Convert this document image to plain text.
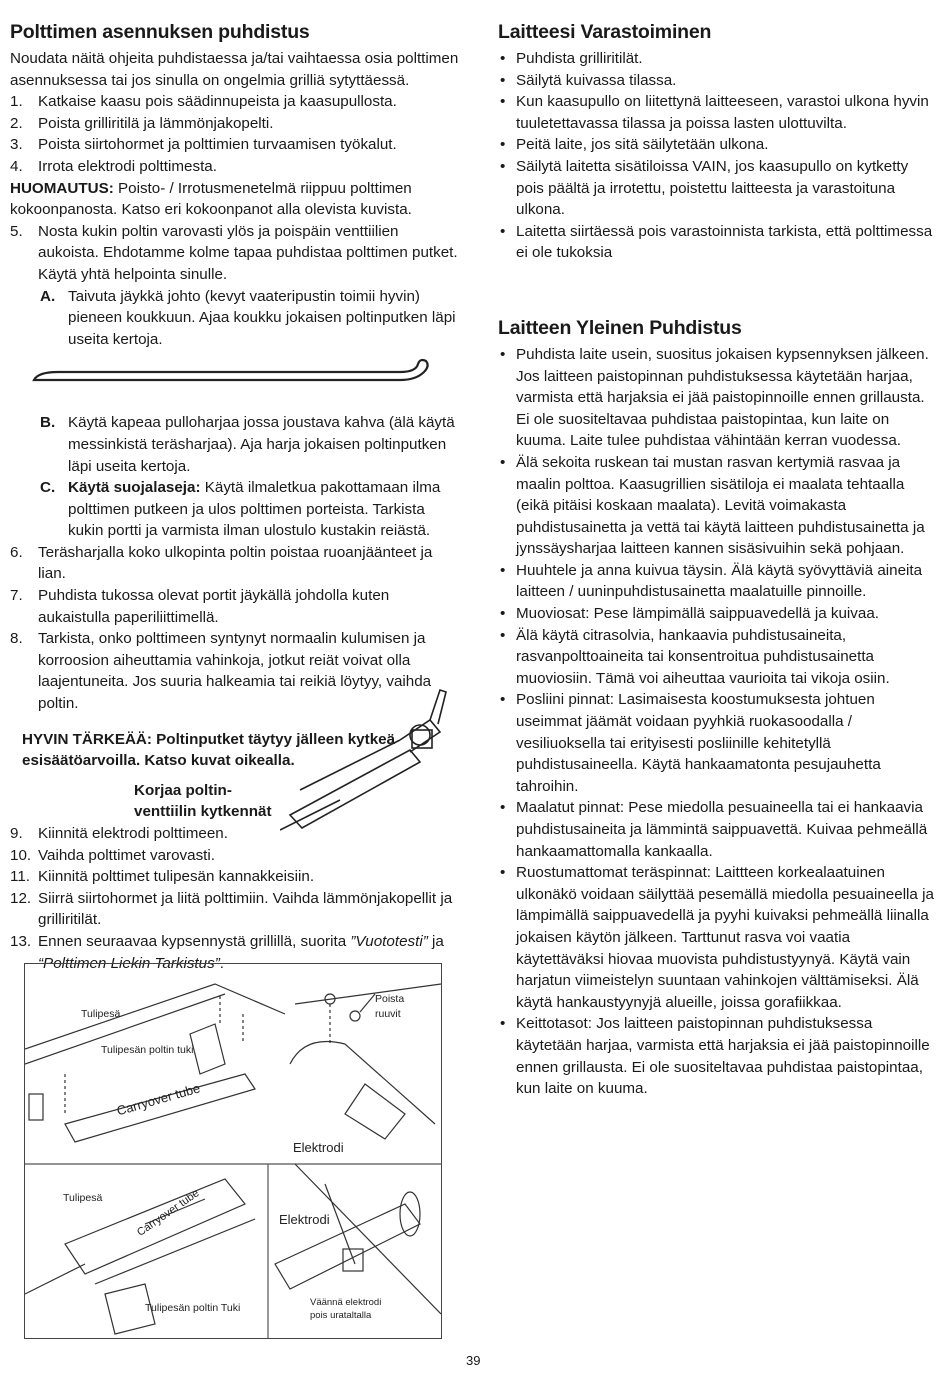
Polttimen asennuksen puhdistus

Noudata näitä ohjeita puhdistaessa ja/tai vaihtaessa osia polttimen asennuksessa tai jos sinulla on ongelmia grilliä sytyttäessä.

1.	Katkaise kaasu pois säädinnupeista ja kaasupullosta.
2.	Poista grilliritilä ja lämmönjakopelti.
3.	Poista siirtohormet ja polttimien turvaamisen työkalut.
4.	Irrota elektrodi polttimesta.

HUOMAUTUS: Poisto- / Irrotusmenetelmä riippuu polttimen kokoonpanosta. Katso eri kokoonpanot alla olevista kuvista.

5.	Nosta kukin poltin varovasti ylös ja poispäin venttiilien aukoista. Ehdotamme kolme tapaa puhdistaa polttimen putket. Käytä yhtä helpointa sinulle.
A. Taivuta jäykkä johto (kevyt vaateripustin toimii hyvin) pieneen koukkuun. Ajaa koukku jokaisen poltinputken läpi useita kertoja.
B. Käytä kapeaa pulloharjaa jossa joustava kahva (älä käytä messinkistä teräsharjaa). Aja harja jokaisen poltinputken läpi useita kertoja.
C. Käytä suojalaseja: Käytä ilmaletkua pakottamaan ilma polttimen putkeen ja ulos polttimen porteista. Tarkista kukin portti ja varmista ilman ulostulo kustakin reiästä.
6.	Teräsharjalla koko ulkopinta poltin poistaa ruoanjäänteet ja lian.
7.	Puhdista tukossa olevat portit jäykällä johdolla kuten aukaistulla paperiliittimellä.
8.	Tarkista, onko polttimeen syntynyt normaalin kulumisen ja korroosion aiheuttamia vahinkoja, jotkut reiät voivat olla laajentuneita. Jos suuria halkeamia tai reikiä löytyy, vaihda poltin.

HYVIN TÄRKEÄÄ: Poltinputket täytyy jälleen kytkeä esisäätöarvoilla. Katso kuvat oikealla.

Korjaa poltin-venttiilin kytkennät

9.	Kiinnitä elektrodi polttimeen.
10. Vaihda polttimet varovasti.
11. Kiinnitä polttimet tulipesän kannakkeisiin.
12. Siirrä siirtohormet ja liitä polttimiin. Vaihda lämmönjakopellit ja grilliritilät.
13. Ennen seuraavaa kypsennystä grillillä, suorita ”Vuototesti” ja “Polttimen Liekin Tarkistus”.
Tulipesä
Tulipesän poltin tuki
Carryover tube
Poista ruuvit
Elektrodi
Tulipesä	Carryover tube
Tulipesän poltin Tuki
Elektrodi
Väännä elektrodi pois urataltalla
Laitteesi Varastoiminen
• Puhdista grilliritilät.
• Säilytä kuivassa tilassa.
• Kun kaasupullo on liitettynä laitteeseen, varastoi ulkona hyvin tuuletettavassa tilassa ja poissa lasten ulottuvilta.
• Peitä laite, jos sitä säilytetään ulkona.
• Säilytä laitetta sisätiloissa VAIN, jos kaasupullo on kytketty pois päältä ja irrotettu, poistettu laitteesta ja varastoituna ulkona.
• Laitetta siirtäessä pois varastoinnista tarkista, että polttimessa ei ole tukoksia
Laitteen Yleinen Puhdistus
• Puhdista laite usein, suositus jokaisen kypsennyksen jälkeen. Jos laitteen paistopinnan puhdistuksessa käytetään harjaa, varmista että harjaksia ei jää paistopinnoille ennen grillausta. Ei ole suositeltavaa puhdistaa paistopintaa, kun laite on kuuma. Laite tulee puhdistaa vähintään kerran vuodessa.
• Älä sekoita ruskean tai mustan rasvan kertymiä rasvaa ja maalin polttoa. Kaasugrillien sisätiloja ei maalata tehtaalla (eikä pitäisi koskaan maalata). Levitä voimakasta puhdistusainetta ja vettä tai käytä laitteen puhdistusainetta ja jynssäysharjaa laitteen kannen sisäsivuihin sekä pohjaan.
• Huuhtele ja anna kuivua täysin. Älä käytä syövyttäviä aineita laitteen / uuninpuhdistusainetta maalatuille pinnoille.
• Muoviosat: Pese lämpimällä saippuavedellä ja kuivaa.
• Älä käytä citrasolvia, hankaavia puhdistusaineita, rasvanpolttoaineita tai konsentroitua puhdistusainetta muoviosiin. Tämä voi aiheuttaa vaurioita tai vikoja osiin.
• Posliini pinnat: Lasimaisesta koostumuksesta johtuen useimmat jäämät voidaan pyyhkiä ruokasoodalla / vesiliuoksella tai erityisesti posliinille kehitetyllä puhdistusaineella. Käytä hankaamatonta pesujauhetta tahroihin.
• Maalatut pinnat: Pese miedolla pesuaineella tai ei hankaavia puhdistusaineita ja lämmintä saippuavettä. Kuivaa pehmeällä hankaamattomalla kankaalla.
• Ruostumattomat teräspinnat: Laittteen korkealaatuinen ulkonäkö voidaan säilyttää pesemällä miedolla pesuaineella ja lämpimällä saippuavedellä ja pyyhi kuivaksi pehmeällä liinalla jokaisen käytön jälkeen. Tarttunut rasva voi vaatia käytettäväksi hiovaa muovista puhdistustyynyä. Käytä vain harjatun viimeistelyn suuntaan vahinkojen välttämiseksi. Älä käytä hankaustyynyjä alueille, joissa gorafiikkaa.
• Keittotasot: Jos laitteen paistopinnan puhdistuksessa käytetään harjaa, varmista että harjaksia ei jää paistopinnoille ennen grillausta. Ei ole suositeltavaa puhdistaa paistopintaa, kun laite on kuuma.
39
